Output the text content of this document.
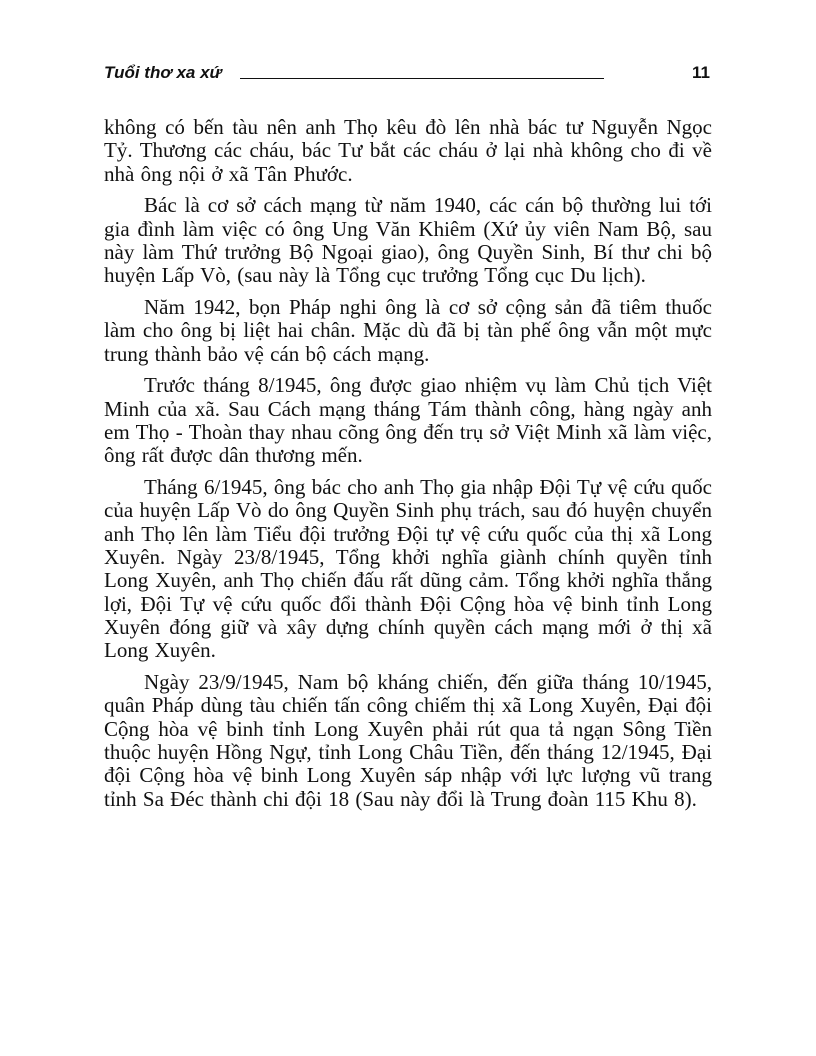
Tuổi thơ xa xứ	11

không có bến tàu nên anh Thọ kêu đò lên nhà bác tư Nguyễn Ngọc Tỷ. Thương các cháu, bác Tư bắt các cháu ở lại nhà không cho đi về nhà ông nội ở xã Tân Phước.

Bác là cơ sở cách mạng từ năm 1940, các cán bộ thường lui tới gia đình làm việc có ông Ung Văn Khiêm (Xứ ủy viên Nam Bộ, sau này làm Thứ trưởng Bộ Ngoại giao), ông Quyền Sinh, Bí thư chi bộ huyện Lấp Vò, (sau này là Tổng cục trưởng Tổng cục Du lịch).

Năm 1942, bọn Pháp nghi ông là cơ sở cộng sản đã tiêm thuốc làm cho ông bị liệt hai chân. Mặc dù đã bị tàn phế ông vẫn một mực trung thành bảo vệ cán bộ cách mạng.

Trước tháng 8/1945, ông được giao nhiệm vụ làm Chủ tịch Việt Minh của xã. Sau Cách mạng tháng Tám thành công, hàng ngày anh em Thọ - Thoàn thay nhau cõng ông đến trụ sở Việt Minh xã làm việc, ông rất được dân thương mến.

Tháng 6/1945, ông bác cho anh Thọ gia nhập Đội Tự vệ cứu quốc của huyện Lấp Vò do ông Quyền Sinh phụ trách, sau đó huyện chuyển anh Thọ lên làm Tiểu đội trưởng Đội tự vệ cứu quốc của thị xã Long Xuyên. Ngày 23/8/1945, Tổng khởi nghĩa giành chính quyền tỉnh Long Xuyên, anh Thọ chiến đấu rất dũng cảm. Tổng khởi nghĩa thắng lợi, Đội Tự vệ cứu quốc đổi thành Đội Cộng hòa vệ binh tỉnh Long Xuyên đóng giữ và xây dựng chính quyền cách mạng mới ở thị xã Long Xuyên.

Ngày 23/9/1945, Nam bộ kháng chiến, đến giữa tháng 10/1945, quân Pháp dùng tàu chiến tấn công chiếm thị xã Long Xuyên, Đại đội Cộng hòa vệ binh tỉnh Long Xuyên phải rút qua tả ngạn Sông Tiền thuộc huyện Hồng Ngự, tỉnh Long Châu Tiền, đến tháng 12/1945, Đại đội Cộng hòa vệ binh Long Xuyên sáp nhập với lực lượng vũ trang tỉnh Sa Đéc thành chi đội 18 (Sau này đổi là Trung đoàn 115 Khu 8).
